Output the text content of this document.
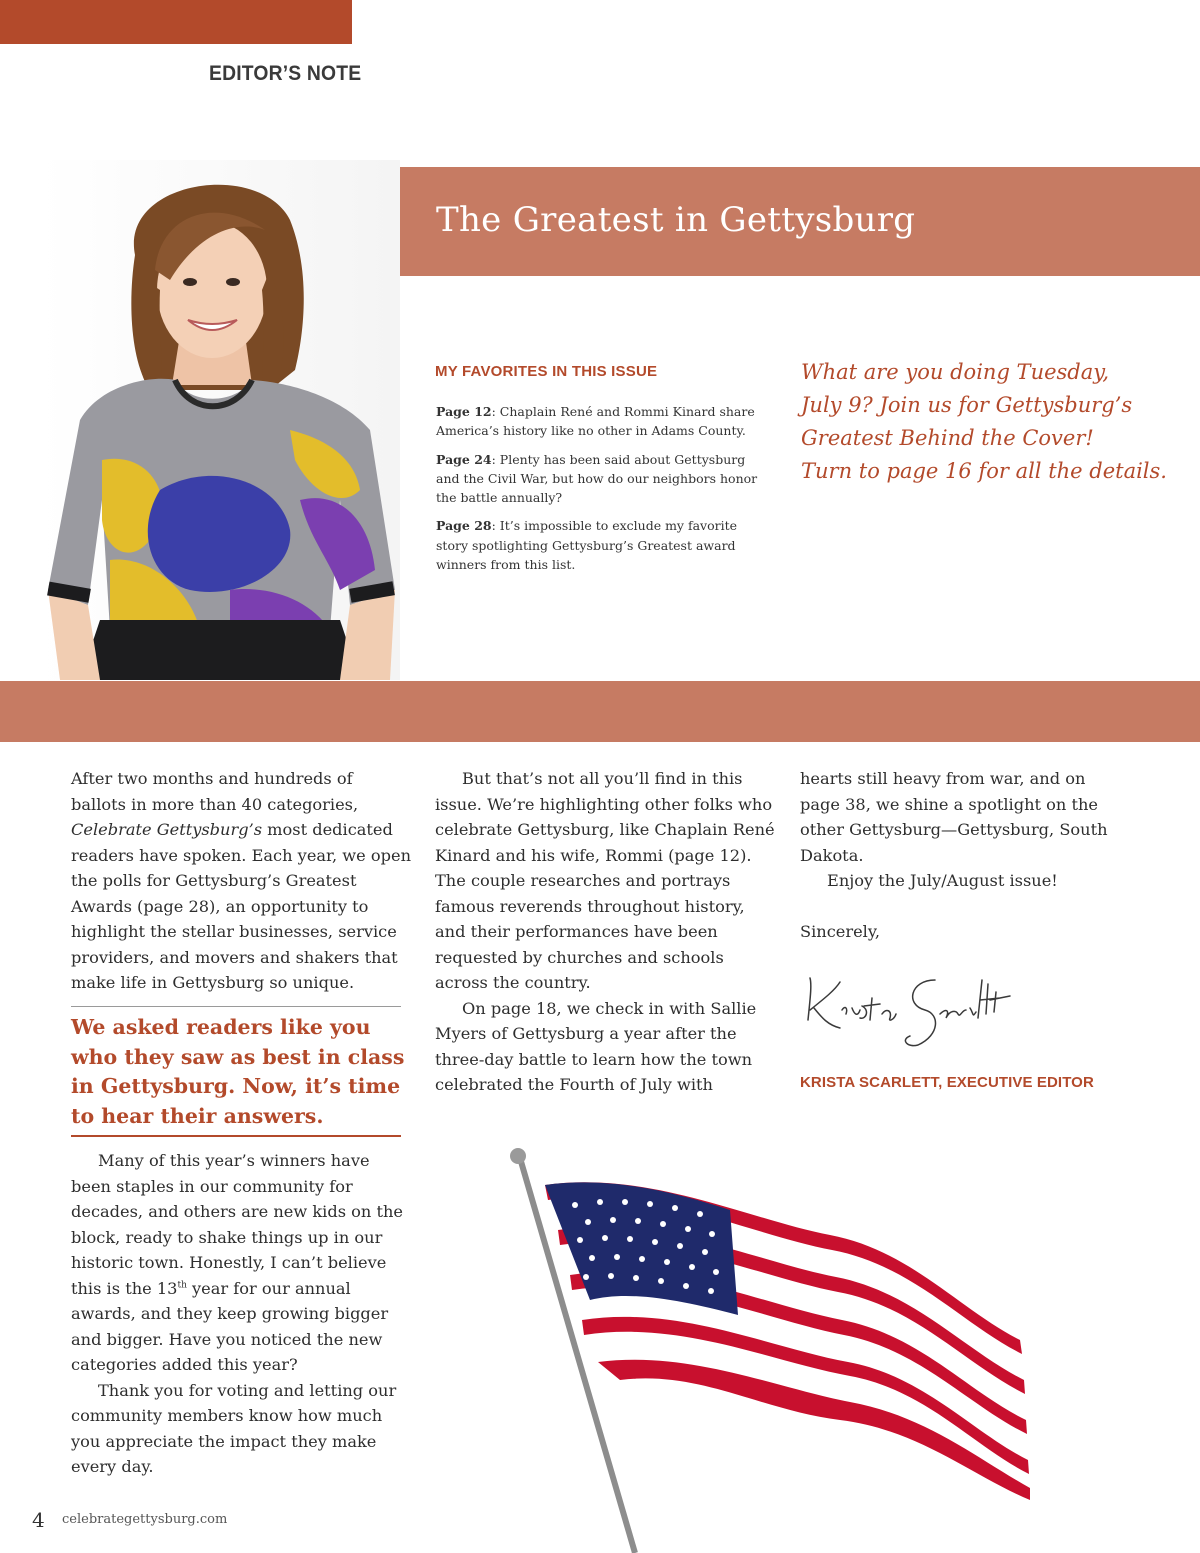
EDITOR’S NOTE
The Greatest in Gettysburg
MY FAVORITES IN THIS ISSUE

Page 12: Chaplain René and Rommi Kinard share America’s history like no other in Adams County.

Page 24: Plenty has been said about Gettysburg and the Civil War, but how do our neighbors honor the battle annually?

Page 28: It’s impossible to exclude my favorite story spotlighting Gettysburg’s Greatest award winners from this list.

What are you doing Tuesday,
July 9? Join us for Gettysburg’s
Greatest Behind the Cover!
Turn to page 16 for all the details.

After two months and hundreds of ballots in more than 40 categories, Celebrate Gettysburg’s most dedicated readers have spoken. Each year, we open the polls for Gettysburg’s Greatest Awards (page 28), an opportunity to highlight the stellar businesses, service providers, and movers and shakers that make life in Gettysburg so unique.

We asked readers like you who they saw as best in class in Gettysburg. Now, it’s time to hear their answers.

Many of this year’s winners have been staples in our community for decades, and others are new kids on the block, ready to shake things up in our historic town. Honestly, I can’t believe this is the 13th year for our annual awards, and they keep growing bigger and bigger. Have you noticed the new categories added this year?

Thank you for voting and letting our community members know how much you appreciate the impact they make every day.

But that’s not all you’ll find in this issue. We’re highlighting other folks who celebrate Gettysburg, like Chaplain René Kinard and his wife, Rommi (page 12). The couple researches and portrays famous reverends throughout history, and their performances have been requested by churches and schools across the country.

On page 18, we check in with Sallie Myers of Gettysburg a year after the three-day battle to learn how the town celebrated the Fourth of July with

hearts still heavy from war, and on page 38, we shine a spotlight on the other Gettysburg—Gettysburg, South Dakota.

Enjoy the July/August issue!

Sincerely,

KRISTA SCARLETT, EXECUTIVE EDITOR
4 celebrategettysburg.com
